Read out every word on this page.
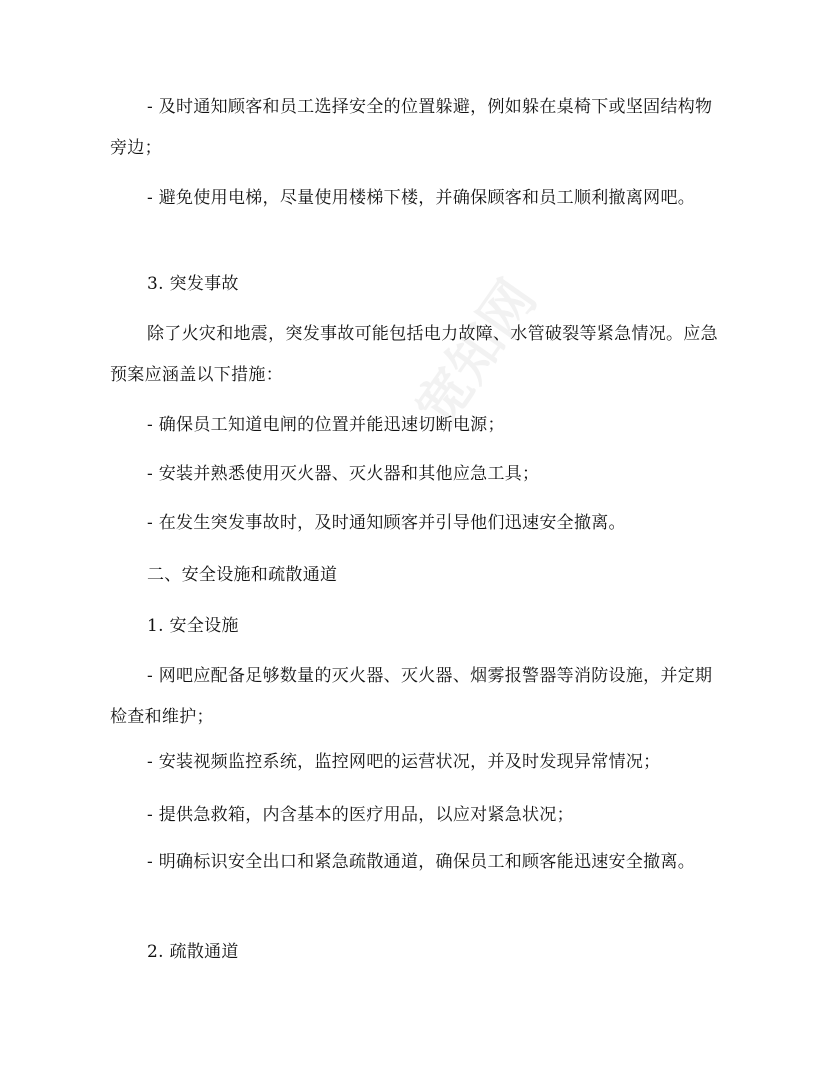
宽知网

- 及时通知顾客和员工选择安全的位置躲避，例如躲在桌椅下或坚固结构物旁边；

- 避免使用电梯，尽量使用楼梯下楼，并确保顾客和员工顺利撤离网吧。

3. 突发事故

除了火灾和地震，突发事故可能包括电力故障、水管破裂等紧急情况。应急预案应涵盖以下措施：

- 确保员工知道电闸的位置并能迅速切断电源；

- 安装并熟悉使用灭火器、灭火器和其他应急工具；

- 在发生突发事故时，及时通知顾客并引导他们迅速安全撤离。

二、安全设施和疏散通道

1. 安全设施

- 网吧应配备足够数量的灭火器、灭火器、烟雾报警器等消防设施，并定期检查和维护；

- 安装视频监控系统，监控网吧的运营状况，并及时发现异常情况；

- 提供急救箱，内含基本的医疗用品，以应对紧急状况；

- 明确标识安全出口和紧急疏散通道，确保员工和顾客能迅速安全撤离。

2. 疏散通道
